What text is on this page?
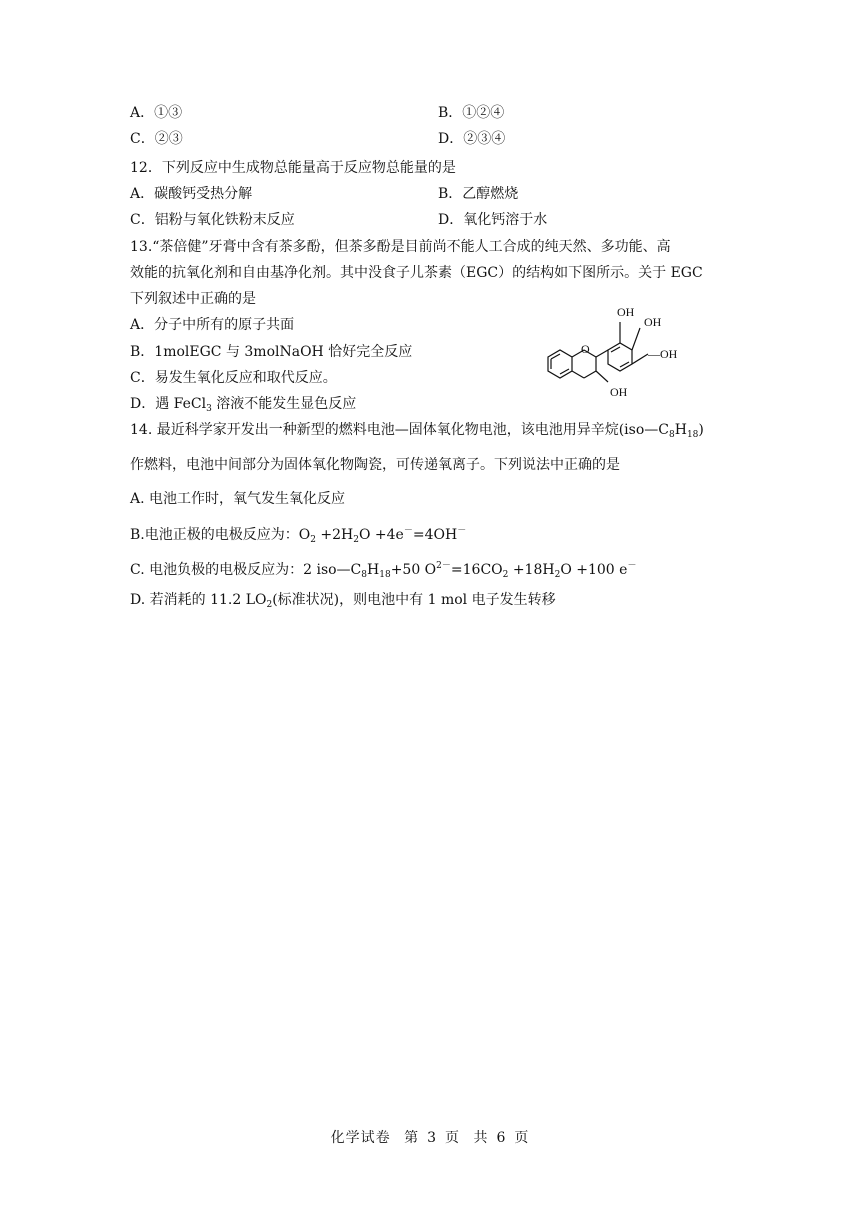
A．①③	B．①②④
C．②③	D．②③④
12．下列反应中生成物总能量高于反应物总能量的是
A．碳酸钙受热分解	B．乙醇燃烧
C．铝粉与氧化铁粉末反应	D．氧化钙溶于水
13.“茶倍健”牙膏中含有茶多酚，但茶多酚是目前尚不能人工合成的纯天然、多功能、高
效能的抗氧化剂和自由基净化剂。其中没食子儿茶素（EGC）的结构如下图所示。关于 EGC
下列叙述中正确的是
A．分子中所有的原子共面
B．1molEGC 与 3molNaOH 恰好完全反应
C．易发生氧化反应和取代反应。
D．遇 FeCl$_3$ 溶液不能发生显色反应
OH
OH
—OH
OH
O
14. 最近科学家开发出一种新型的燃料电池—固体氧化物电池，该电池用异辛烷$(iso—C_8H_{18})$
作燃料，电池中间部分为固体氧化物陶瓷，可传递氧离子。下列说法中正确的是
A. 电池工作时，氧气发生氧化反应
B.电池正极的电极反应为：$O_2 +2H_2O +4e^-=4OH^-$
C. 电池负极的电极反应为：2 $iso—C_8H_{18}+50$ $O^{2-}=16CO_2 +18H_2O +100$ e－
D. 若消耗的 11.2 $LO_2$(标准状况)，则电池中有 1 mol 电子发生转移
化学试卷 第 3 页 共 6 页
